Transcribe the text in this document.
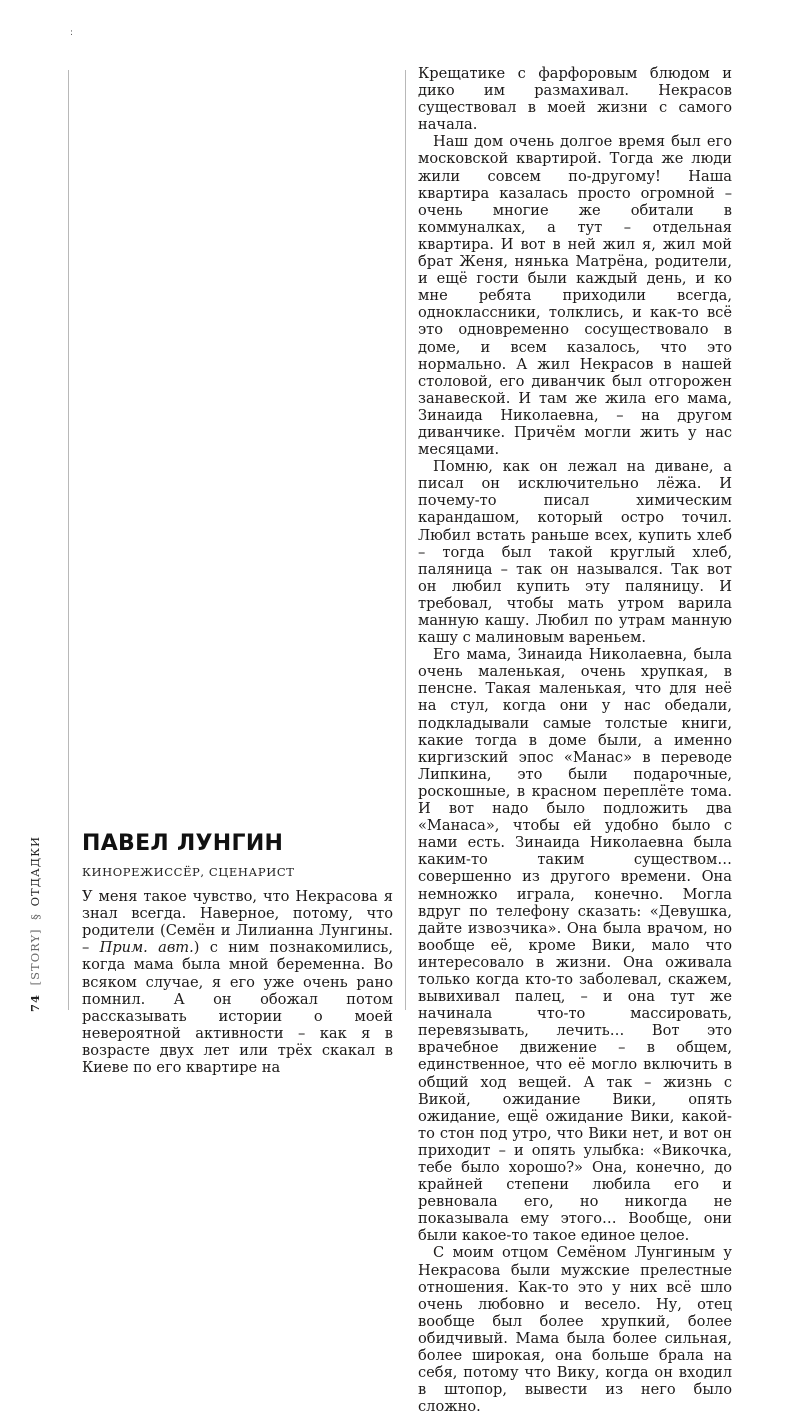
:
74 [STORY] § ОТДАДКИ ПАВЕЛ ЛУНГИН
КИНОРЕЖИССЁР, СЦЕНАРИСТ

У меня такое чувство, что Некрасова я знал всегда. Наверное, потому, что родители (Семён и Лилианна Лунгины. – Прим. авт.) с ним познакомились, когда мама была мной беременна. Во всяком случае, я его уже очень рано помнил. А он обожал потом рассказывать истории о моей невероятной активности – как я в возрасте двух лет или трёх скакал в Киеве по его квартире на

Крещатике с фарфоровым блюдом и дико им размахивал. Некрасов существовал в моей жизни с самого начала.

Наш дом очень долгое время был его московской квартирой. Тогда же люди жили совсем по-другому! Наша квартира казалась просто огромной – очень многие же обитали в коммуналках, а тут – отдельная квартира. И вот в ней жил я, жил мой брат Женя, нянька Матрёна, родители, и ещё гости были каждый день, и ко мне ребята приходили всегда, одноклассники, толклись, и как-то всё это одновременно сосуществовало в доме, и всем казалось, что это нормально. А жил Некрасов в нашей столовой, его диванчик был отгорожен занавеской. И там же жила его мама, Зинаида Николаевна, – на другом диванчике. Причём могли жить у нас месяцами.

Помню, как он лежал на диване, а писал он исключительно лёжа. И почему-то писал химическим карандашом, который остро точил. Любил встать раньше всех, купить хлеб – тогда был такой круглый хлеб, паляница – так он назывался. Так вот он любил купить эту паляницу. И требовал, чтобы мать утром варила манную кашу. Любил по утрам манную кашу с малиновым вареньем.

Его мама, Зинаида Николаевна, была очень маленькая, очень хрупкая, в пенсне. Такая маленькая, что для неё на стул, когда они у нас обедали, подкладывали самые толстые книги, какие тогда в доме были, а именно киргизский эпос «Манас» в переводе Липкина, это были подарочные, роскошные, в красном переплёте тома. И вот надо было подложить два «Манаса», чтобы ей удобно было с нами есть. Зинаида Николаевна была каким-то таким существом… совершенно из другого времени. Она немножко играла, конечно. Могла вдруг по телефону сказать: «Девушка, дайте извозчика». Она была врачом, но вообще её, кроме Вики, мало что интересовало в жизни. Она оживала только когда кто-то заболевал, скажем, вывихивал палец, – и она тут же начинала что-то массировать, перевязывать, лечить… Вот это врачебное движение – в общем, единственное, что её могло включить в общий ход вещей. А так – жизнь с Викой, ожидание Вики, опять ожидание, ещё ожидание Вики, какой-то стон под утро, что Вики нет, и вот он приходит – и опять улыбка: «Викочка, тебе было хорошо?» Она, конечно, до крайней степени любила его и ревновала его, но никогда не показывала ему этого… Вообще, они были какое-то такое единое целое.

С моим отцом Семёном Лунгиным у Некрасова были мужские прелестные отношения. Как-то это у них всё шло очень любовно и весело. Ну, отец вообще был более хрупкий, более обидчивый. Мама была более сильная, более широкая, она больше брала на себя, потому что Вику, когда он входил в штопор, вывести из него было сложно.
